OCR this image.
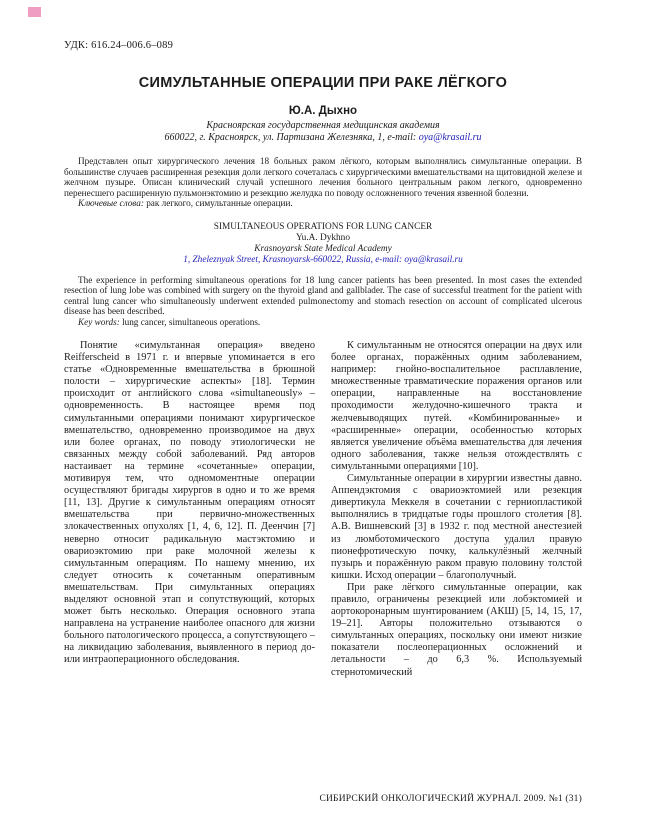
УДК: 616.24–006.6–089
СИМУЛЬТАННЫЕ ОПЕРАЦИИ ПРИ РАКЕ ЛЁГКОГО
Ю.А. Дыхно
Красноярская государственная медицинская академия
660022, г. Красноярск, ул. Партизана Железняка, 1, e-mail: oya@krasail.ru

Представлен опыт хирургического лечения 18 больных раком лёгкого, которым выполнялись симультанные операции. В большинстве случаев расширенная резекция доли легкого сочеталась с хирургическими вмешательствами на щитовидной железе и желчном пузыре. Описан клинический случай успешного лечения больного центральным раком легкого, одновременно перенесшего расширенную пульмонэктомию и резекцию желудка по поводу осложненного течения язвенной болезни.

Ключевые слова: рак легкого, симультанные операции.
SIMULTANEOUS OPERATIONS FOR LUNG CANCER
Yu.A. Dykhno
Krasnoyarsk State Medical Academy
1, Zheleznyak Street, Krasnoyarsk-660022, Russia, e-mail: oya@krasail.ru

The experience in performing simultaneous operations for 18 lung cancer patients has been presented. In most cases the extended resection of lung lobe was combined with surgery on the thyroid gland and gallblader. The case of successful treatment for the patient with central lung cancer who simultaneously underwent extended pulmonectomy and stomach resection on account of complicated ulcerous disease has been described.

Key words: lung cancer, simultaneous operations.

Понятие «симультанная операция» введено Reifferscheid в 1971 г. и впервые упоминается в его статье «Одновременные вмешательства в брюшной полости – хирургические аспекты» [18]. Термин происходит от английского слова «simultaneously» – одновременность. В настоящее время под симультанными операциями понимают хирургическое вмешательство, одновременно производимое на двух или более органах, по поводу этиологически не связанных между собой заболеваний. Ряд авторов настаивает на термине «сочетанные» операции, мотивируя тем, что одномоментные операции осуществляют бригады хирургов в одно и то же время [11, 13]. Другие к симультанным операциям относят вмешательства при первично-множественных злокачественных опухолях [1, 4, 6, 12]. П. Деенчин [7] неверно относит радикальную мастэктомию и овариоэктомию при раке молочной железы к симультанным операциям. По нашему мнению, их следует относить к сочетанным оперативным вмешательствам. При симультанных операциях выделяют основной этап и сопутствующий, которых может быть несколько. Операция основного этапа направлена на устранение наиболее опасного для жизни больного патологического процесса, а сопутствующего – на ликвидацию заболевания, выявленного в период до- или интраоперационного обследования.

К симультанным не относятся операции на двух или более органах, поражённых одним заболеванием, например: гнойно-воспалительное расплавление, множественные травматические поражения органов или операции, направленные на восстановление проходимости желудочно-кишечного тракта и желчевыводящих путей. «Комбинированные» и «расширенные» операции, особенностью которых является увеличение объёма вмешательства для лечения одного заболевания, также нельзя отождествлять с симультанными операциями [10].

Симультанные операции в хирургии известны давно. Аппендэктомия с овариоэктомией или резекция дивертикула Меккеля в сочетании с герниопластикой выполнялись в тридцатые годы прошлого столетия [8]. А.В. Вишневский [3] в 1932 г. под местной анестезией из люмботомического доступа удалил правую пионефротическую почку, калькулёзный желчный пузырь и поражённую раком правую половину толстой кишки. Исход операции – благополучный.

При раке лёгкого симультанные операции, как правило, ограничены резекцией или лобэктомией и аортокоронарным шунтированием (АКШ) [5, 14, 15, 17, 19–21]. Авторы положительно отзываются о симультанных операциях, поскольку они имеют низкие показатели послеоперационных осложнений и летальности – до 6,3 %. Используемый стернотомический

СИБИРСКИЙ ОНКОЛОГИЧЕСКИЙ ЖУРНАЛ. 2009. №1 (31)
